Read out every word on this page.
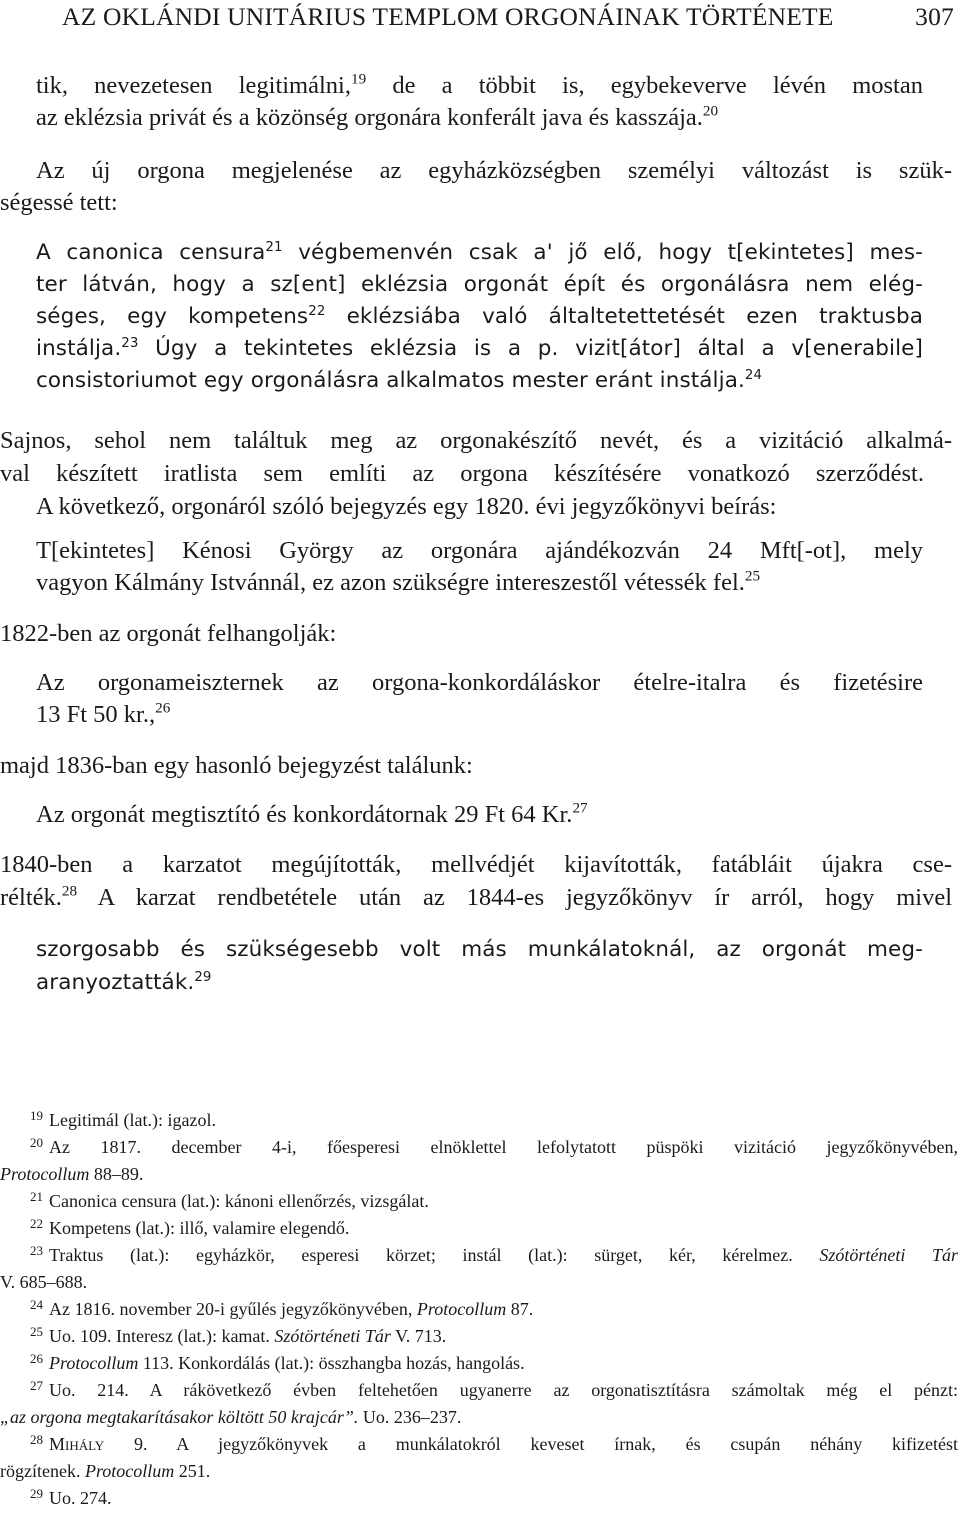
AZ OKLÁNDI UNITÁRIUS TEMPLOM ORGONÁINAK TÖRTÉNETE	307
tik, nevezetesen legitimálni,$^{19}$ de a többit is, egybekeverve lévén mostan
az eklézsia privát és a közönség orgonára konferált java és kasszája.$^{20}$
Az új orgona megjelenése az egyházközségben személyi változást is szük-
ségessé tett:
A canonica censura$^{21}$ végbemenvén csak a' jő elő, hogy t[ekintetes] mes-
ter látván, hogy a sz[ent] eklézsia orgonát épít és orgonálásra nem elég-
séges, egy kompetens$^{22}$ eklézsiába való általtetettetését ezen traktusba
instálja.$^{23}$ Úgy a tekintetes eklézsia is a p. vizit[átor] által a v[enerabile]
consistoriumot egy orgonálásra alkalmatos mester eránt instálja.$^{24}$
Sajnos, sehol nem találtuk meg az orgonakészítő nevét, és a vizitáció alkalmá-
val készített iratlista sem említi az orgona készítésére vonatkozó szerződést.
A következő, orgonáról szóló bejegyzés egy 1820. évi jegyzőkönyvi beírás:
T[ekintetes] Kénosi György az orgonára ajándékozván 24 Mft[-ot], mely
vagyon Kálmány Istvánnál, ez azon szükségre intereszestől vétessék fel.$^{25}$
1822-ben az orgonát felhangolják:
Az orgonameiszternek az orgona-konkordáláskor ételre-italra és fizetésire
13 Ft 50 kr.,$^{26}$
majd 1836-ban egy hasonló bejegyzést találunk:
Az orgonát megtisztító és konkordátornak 29 Ft 64 Kr.$^{27}$
1840-ben a karzatot megújították, mellvédjét kijavították, fatábláit újakra cse-
rélték.$^{28}$ A karzat rendbetétele után az 1844-es jegyzőkönyv ír arról, hogy mivel
szorgosabb és szükségesebb volt más munkálatoknál, az orgonát meg-
aranyoztatták.$^{29}$
$^{19}$ Legitimál (lat.): igazol.
$^{20}$ Az 1817. december 4-i, főesperesi elnöklettel lefolytatott püspöki vizitáció jegyzőkönyvében,
Protocollum 88–89.
$^{21}$ Canonica censura (lat.): kánoni ellenőrzés, vizsgálat.
$^{22}$ Kompetens (lat.): illő, valamire elegendő.
$^{23}$ Traktus (lat.): egyházkör, esperesi körzet; instál (lat.): sürget, kér, kérelmez. Szótörténeti Tár
V. 685–688.
$^{24}$ Az 1816. november 20-i gyűlés jegyzőkönyvében, Protocollum 87.
$^{25}$ Uo. 109. Interesz (lat.): kamat. Szótörténeti Tár V. 713.
$^{26}$ Protocollum 113. Konkordálás (lat.): összhangba hozás, hangolás.
$^{27}$ Uo. 214. A rákövetkező évben feltehetően ugyanerre az orgonatisztításra számoltak még el pénzt:
„az orgona megtakarításakor költött 50 krajcár”. Uo. 236–237.
$^{28}$ Mihály 9. A jegyzőkönyvek a munkálatokról keveset írnak, és csupán néhány kifizetést
rögzítenek. Protocollum 251.
$^{29}$ Uo. 274.
